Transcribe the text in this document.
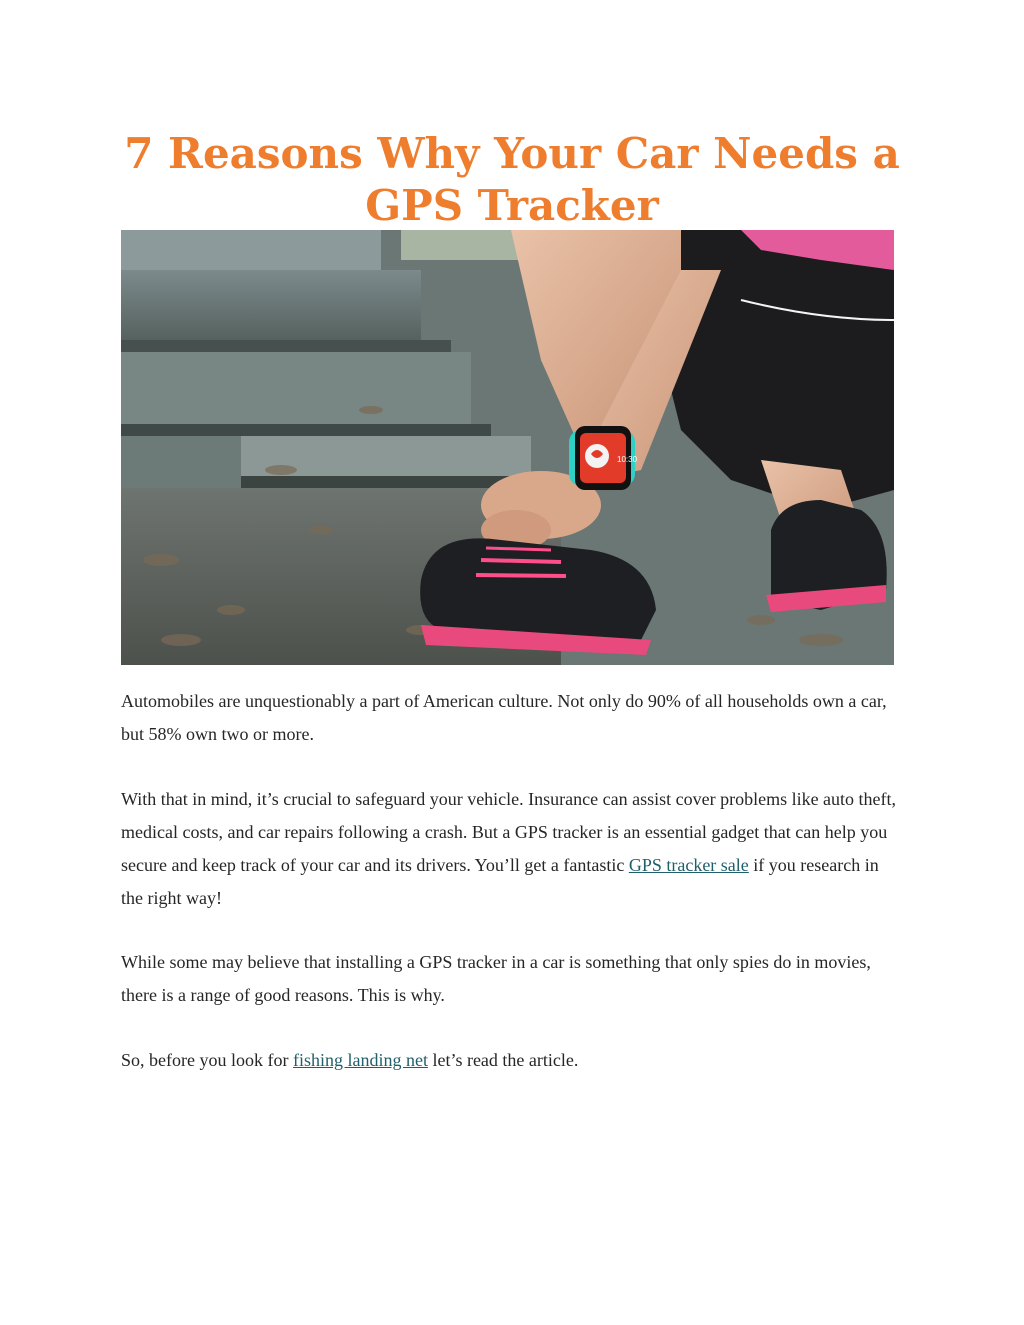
7 Reasons Why Your Car Needs a
GPS Tracker
10:30

Automobiles are unquestionably a part of American culture. Not only do 90% of all households own a car, but 58% own two or more.

With that in mind, it’s crucial to safeguard your vehicle. Insurance can assist cover problems like auto theft, medical costs, and car repairs following a crash. But a GPS tracker is an essential gadget that can help you secure and keep track of your car and its drivers. You’ll get a fantastic GPS tracker sale if you research in the right way!

While some may believe that installing a GPS tracker in a car is something that only spies do in movies, there is a range of good reasons. This is why.

So, before you look for fishing landing net let’s read the article.
